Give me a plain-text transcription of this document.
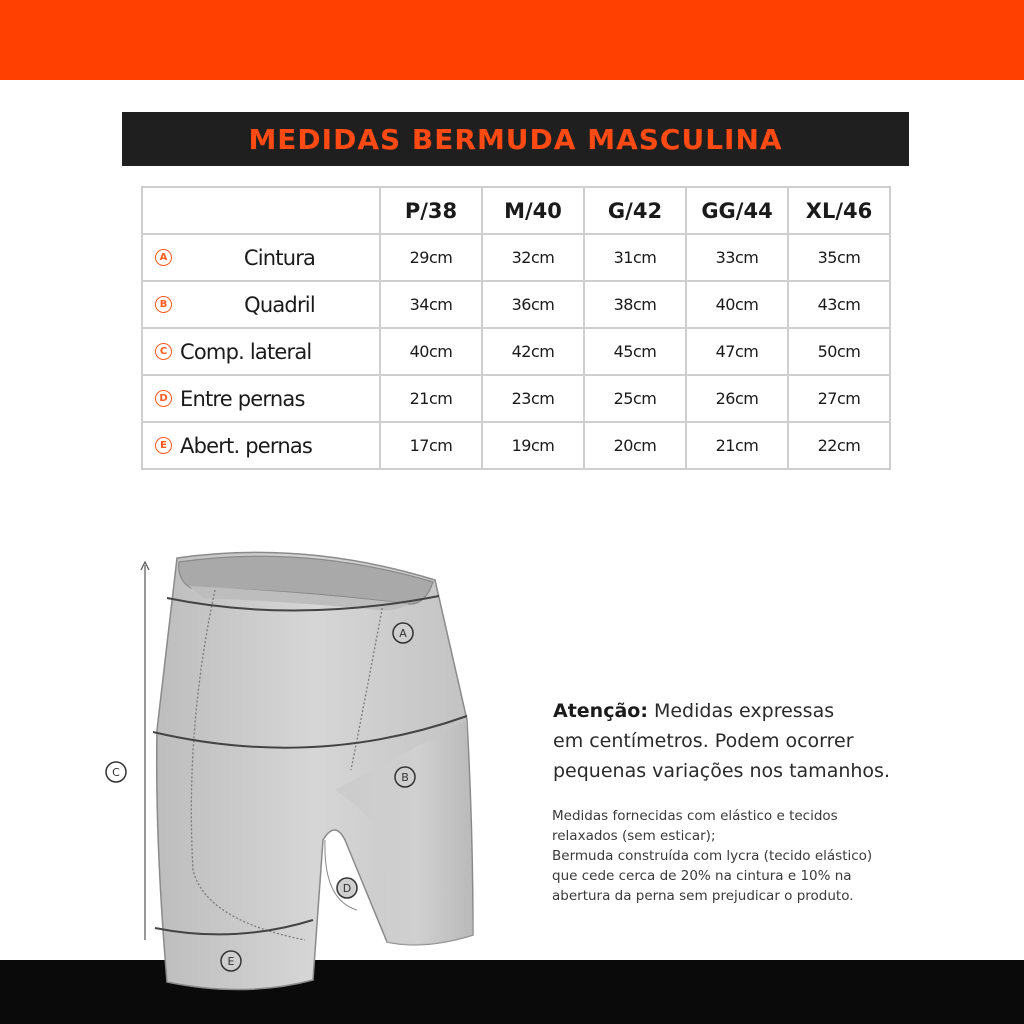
MEDIDAS BERMUDA MASCULINA
	P/38	M/40	G/42	GG/44	XL/46

A Cintura	29cm	32cm	31cm	33cm	35cm

B Quadril	34cm	36cm	38cm	40cm	43cm

C Comp. lateral	40cm	42cm	45cm	47cm	50cm

D Entre pernas	21cm	23cm	25cm	26cm	27cm

E Abert. pernas	17cm	19cm	20cm	21cm	22cm
A
B
C
D
E
Atenção: Medidas expressas
em centímetros. Podem ocorrer
pequenas variações nos tamanhos.
Medidas fornecidas com elástico e tecidos
relaxados (sem esticar);
Bermuda construída com lycra (tecido elástico)
que cede cerca de 20% na cintura e 10% na
abertura da perna sem prejudicar o produto.
